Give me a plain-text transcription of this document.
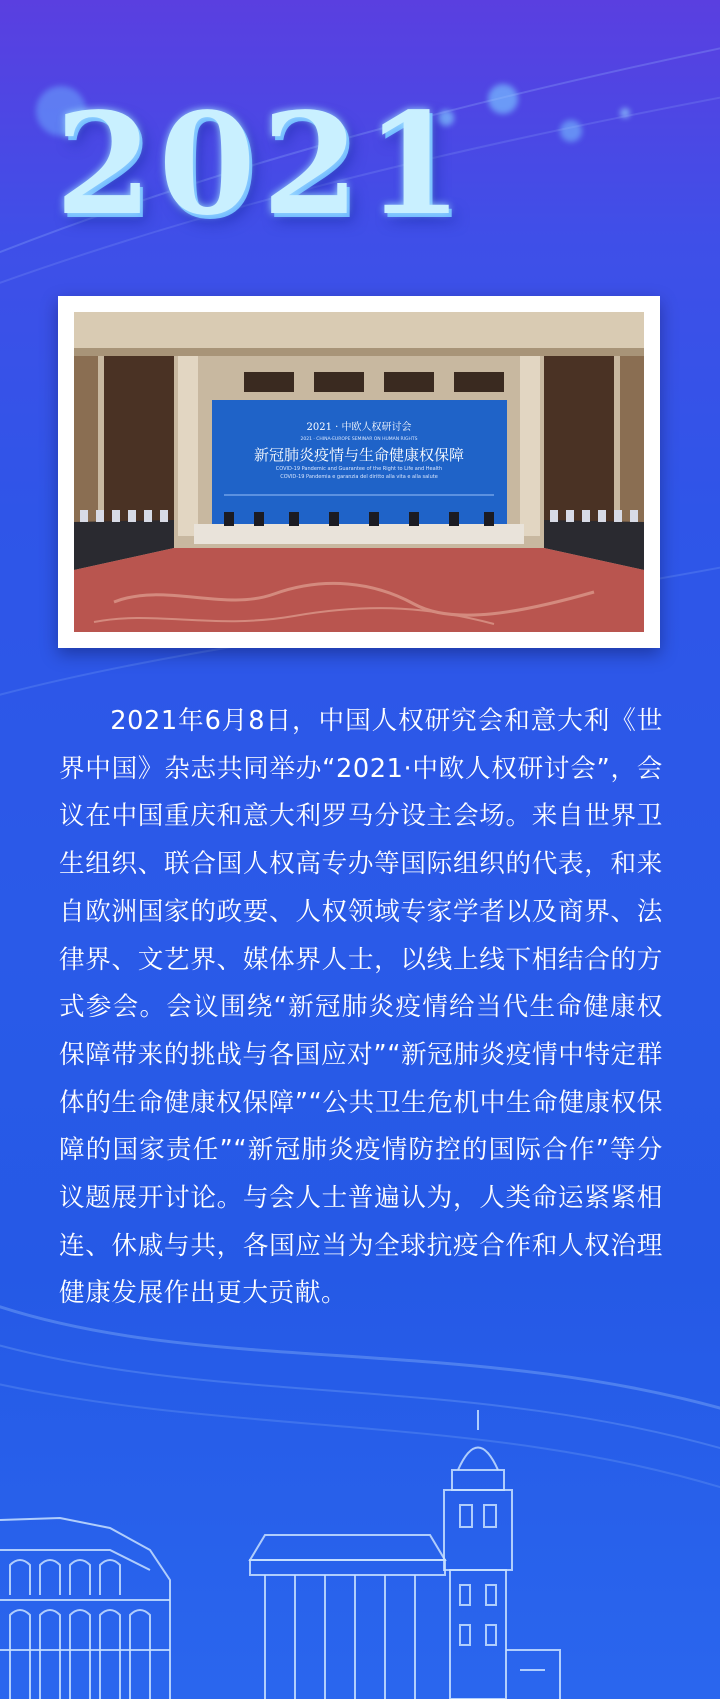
2021
2021 · 中欧人权研讨会
2021 · CHINA-EUROPE SEMINAR ON HUMAN RIGHTS
新冠肺炎疫情与生命健康权保障
COVID-19 Pandemic and Guarantee of the Right to Life and Health
COVID-19 Pandemia e garanzia del diritto alla vita e alla salute

2021年6月8日，中国人权研究会和意大利《世界中国》杂志共同举办“2021·中欧人权研讨会”，会议在中国重庆和意大利罗马分设主会场。来自世界卫生组织、联合国人权高专办等国际组织的代表，和来自欧洲国家的政要、人权领域专家学者以及商界、法律界、文艺界、媒体界人士，以线上线下相结合的方式参会。会议围绕“新冠肺炎疫情给当代生命健康权保障带来的挑战与各国应对”“新冠肺炎疫情中特定群体的生命健康权保障”“公共卫生危机中生命健康权保障的国家责任”“新冠肺炎疫情防控的国际合作”等分议题展开讨论。与会人士普遍认为，人类命运紧紧相连、休戚与共，各国应当为全球抗疫合作和人权治理健康发展作出更大贡献。
